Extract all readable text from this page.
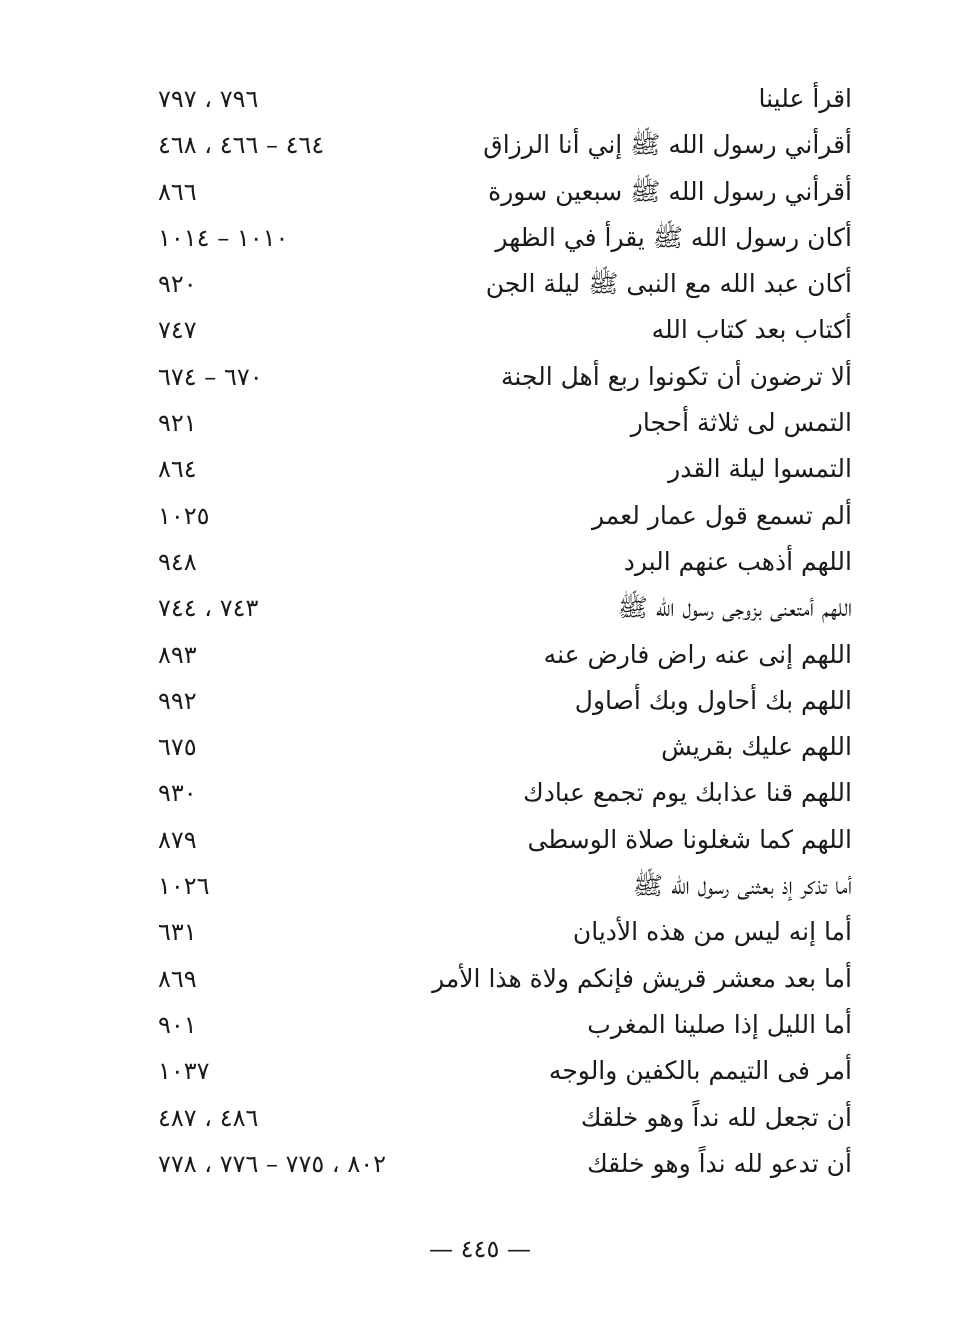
اقرأ علينا
٧٩٦ ، ٧٩٧
أقرأني رسول الله ﷺ إني أنا الرزاق
٤٦٤ – ٤٦٦ ، ٤٦٨
أقرأني رسول الله ﷺ سبعين سورة
٨٦٦
أكان رسول الله ﷺ يقرأ في الظهر
١٠١٠ – ١٠١٤
أكان عبد الله مع النبى ﷺ ليلة الجن
٩٢٠
أكتاب بعد كتاب الله
٧٤٧
ألا ترضون أن تكونوا ربع أهل الجنة
٦٧٠ – ٦٧٤
التمس لى ثلاثة أحجار
٩٢١
التمسوا ليلة القدر
٨٦٤
ألم تسمع قول عمار لعمر
١٠٢٥
اللهم أذهب عنهم البرد
٩٤٨
اللهم أمتعنى بزوجى رسول الله ﷺ
٧٤٣ ، ٧٤٤
اللهم إنى عنه راض فارض عنه
٨٩٣
اللهم بك أحاول وبك أصاول
٩٩٢
اللهم عليك بقريش
٦٧٥
اللهم قنا عذابك يوم تجمع عبادك
٩٣٠
اللهم كما شغلونا صلاة الوسطى
٨٧٩
أما تذكر إذ بعثنى رسول الله ﷺ
١٠٢٦
أما إنه ليس من هذه الأديان
٦٣١
أما بعد معشر قريش فإنكم ولاة هذا الأمر
٨٦٩
أما الليل إذا صلينا المغرب
٩٠١
أمر فى التيمم بالكفين والوجه
١٠٣٧
أن تجعل لله نداً وهو خلقك
٤٨٦ ، ٤٨٧
أن تدعو لله نداً وهو خلقك
٨٠٢ ، ٧٧٥ – ٧٧٦ ، ٧٧٨
— ٤٤٥ —
